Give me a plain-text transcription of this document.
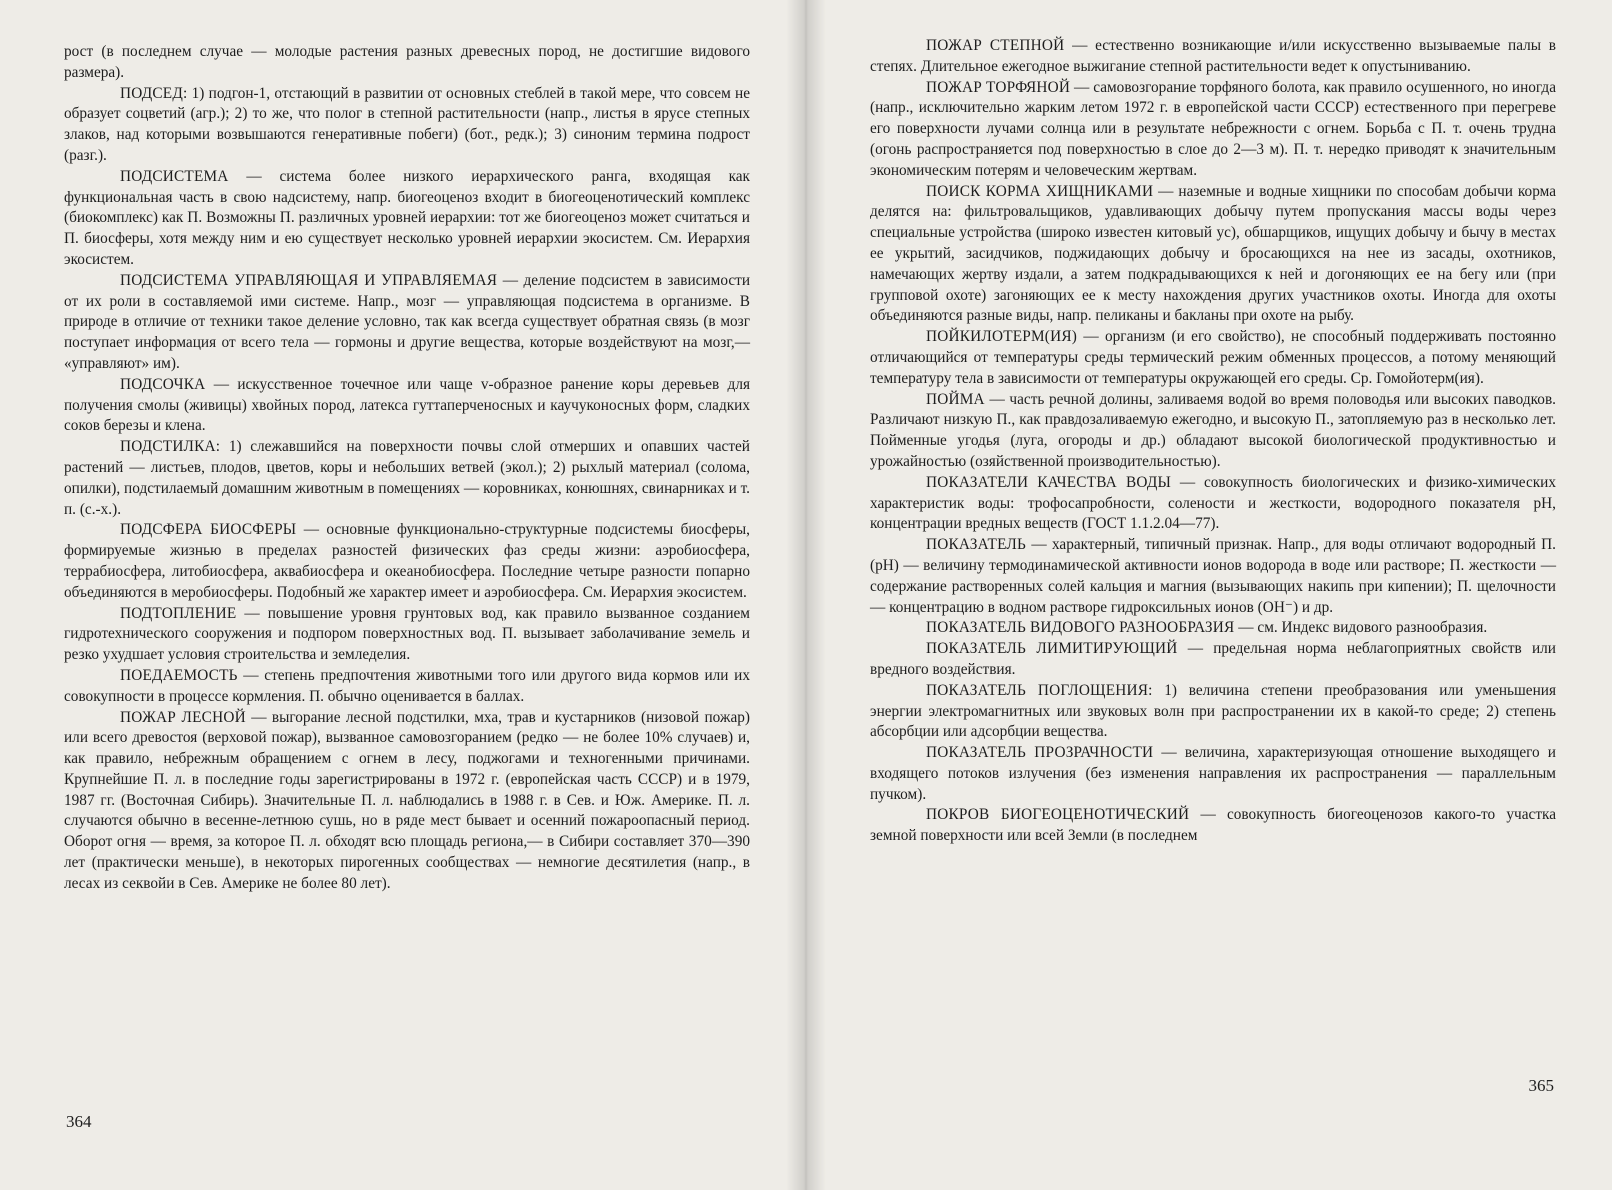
рост (в последнем случае — молодые растения разных древесных пород, не достигшие видового размера).

ПОДСЕД: 1) подгон-1, отстающий в развитии от основных стеблей в такой мере, что совсем не образует соцветий (агр.); 2) то же, что полог в степной растительности (напр., листья в ярусе степных злаков, над которыми возвышаются генеративные побеги) (бот., редк.); 3) синоним термина подрост (разг.).

ПОДСИСТЕМА — система более низкого иерархического ранга, входящая как функциональная часть в свою надсистему, напр. биогеоценоз входит в биогеоценотический комплекс (биокомплекс) как П. Возможны П. различных уровней иерархии: тот же биогеоценоз может считаться и П. биосферы, хотя между ним и ею существует несколько уровней иерархии экосистем. См. Иерархия экосистем.

ПОДСИСТЕМА УПРАВЛЯЮЩАЯ И УПРАВЛЯЕМАЯ — деление подсистем в зависимости от их роли в составляемой ими системе. Напр., мозг — управляющая подсистема в организме. В природе в отличие от техники такое деление условно, так как всегда существует обратная связь (в мозг поступает информация от всего тела — гормоны и другие вещества, которые воздействуют на мозг,— «управляют» им).

ПОДСОЧКА — искусственное точечное или чаще v-образное ранение коры деревьев для получения смолы (живицы) хвойных пород, латекса гуттаперченосных и каучуконосных форм, сладких соков березы и клена.

ПОДСТИЛКА: 1) слежавшийся на поверхности почвы слой отмерших и опавших частей растений — листьев, плодов, цветов, коры и небольших ветвей (экол.); 2) рыхлый материал (солома, опилки), подстилаемый домашним животным в помещениях — коровниках, конюшнях, свинарниках и т. п. (с.-х.).

ПОДСФЕРА БИОСФЕРЫ — основные функционально-структурные подсистемы биосферы, формируемые жизнью в пределах разностей физических фаз среды жизни: аэробиосфера, террабиосфера, литобиосфера, аквабиосфера и океанобиосфера. Последние четыре разности попарно объединяются в меробиосферы. Подобный же характер имеет и аэробиосфера. См. Иерархия экосистем.

ПОДТОПЛЕНИЕ — повышение уровня грунтовых вод, как правило вызванное созданием гидротехнического сооружения и подпором поверхностных вод. П. вызывает заболачивание земель и резко ухудшает условия строительства и земледелия.

ПОЕДАЕМОСТЬ — степень предпочтения животными того или другого вида кормов или их совокупности в процессе кормления. П. обычно оценивается в баллах.

ПОЖАР ЛЕСНОЙ — выгорание лесной подстилки, мха, трав и кустарников (низовой пожар) или всего древостоя (верховой пожар), вызванное самовозгоранием (редко — не более 10% случаев) и, как правило, небрежным обращением с огнем в лесу, поджогами и техногенными причинами. Крупнейшие П. л. в последние годы зарегистрированы в 1972 г. (европейская часть СССР) и в 1979, 1987 гг. (Восточная Сибирь). Значительные П. л. наблюдались в 1988 г. в Сев. и Юж. Америке. П. л. случаются обычно в весенне-летнюю сушь, но в ряде мест бывает и осенний пожароопасный период. Оборот огня — время, за которое П. л. обходят всю площадь региона,— в Сибири составляет 370—390 лет (практически меньше), в некоторых пирогенных сообществах — немногие десятилетия (напр., в лесах из секвойи в Сев. Америке не более 80 лет).

364

ПОЖАР СТЕПНОЙ — естественно возникающие и/или искусственно вызываемые палы в степях. Длительное ежегодное выжигание степной растительности ведет к опустыниванию.

ПОЖАР ТОРФЯНОЙ — самовозгорание торфяного болота, как правило осушенного, но иногда (напр., исключительно жарким летом 1972 г. в европейской части СССР) естественного при перегреве его поверхности лучами солнца или в результате небрежности с огнем. Борьба с П. т. очень трудна (огонь распространяется под поверхностью в слое до 2—3 м). П. т. нередко приводят к значительным экономическим потерям и человеческим жертвам.

ПОИСК КОРМА ХИЩНИКАМИ — наземные и водные хищники по способам добычи корма делятся на: фильтровальщиков, удавливающих добычу путем пропускания массы воды через специальные устройства (широко известен китовый ус), обшарщиков, ищущих добычу и бычу в местах ее укрытий, засидчиков, поджидающих добычу и бросающихся на нее из засады, охотников, намечающих жертву издали, а затем подкрадывающихся к ней и догоняющих ее на бегу или (при групповой охоте) загоняющих ее к месту нахождения других участников охоты. Иногда для охоты объединяются разные виды, напр. пеликаны и бакланы при охоте на рыбу.

ПОЙКИЛОТЕРМ(ИЯ) — организм (и его свойство), не способный поддерживать постоянно отличающийся от температуры среды термический режим обменных процессов, а потому меняющий температуру тела в зависимости от температуры окружающей его среды. Ср. Гомойотерм(ия).

ПОЙМА — часть речной долины, заливаемя водой во время половодья или высоких паводков. Различают низкую П., как правдозаливаемую ежегодно, и высокую П., затопляемую раз в несколько лет. Пойменные угодья (луга, огороды и др.) обладают высокой биологической продуктивностью и урожайностью (озяйственной производительностью).

ПОКАЗАТЕЛИ КАЧЕСТВА ВОДЫ — совокупность биологических и физико-химических характеристик воды: трофосапробности, солености и жесткости, водородного показателя pH, концентрации вредных веществ (ГОСТ 1.1.2.04—77).

ПОКАЗАТЕЛЬ — характерный, типичный признак. Напр., для воды отличают водородный П.(pH) — величину термодинамической активности ионов водорода в воде или растворе; П. жесткости — содержание растворенных солей кальция и магния (вызывающих накипь при кипении); П. щелочности — концентрацию в водном растворе гидроксильных ионов (OH⁻) и др.

ПОКАЗАТЕЛЬ ВИДОВОГО РАЗНООБРАЗИЯ — см. Индекс видового разнообразия.

ПОКАЗАТЕЛЬ ЛИМИТИРУЮЩИЙ — предельная норма неблагоприятных свойств или вредного воздействия.

ПОКАЗАТЕЛЬ ПОГЛОЩЕНИЯ: 1) величина степени преобразования или уменьшения энергии электромагнитных или звуковых волн при распространении их в какой-то среде; 2) степень абсорбции или адсорбции вещества.

ПОКАЗАТЕЛЬ ПРОЗРАЧНОСТИ — величина, характеризующая отношение выходящего и входящего потоков излучения (без изменения направления их распространения — параллельным пучком).

ПОКРОВ БИОГЕОЦЕНОТИЧЕСКИЙ — совокупность биогеоценозов какого-то участка земной поверхности или всей Земли (в последнем

365
